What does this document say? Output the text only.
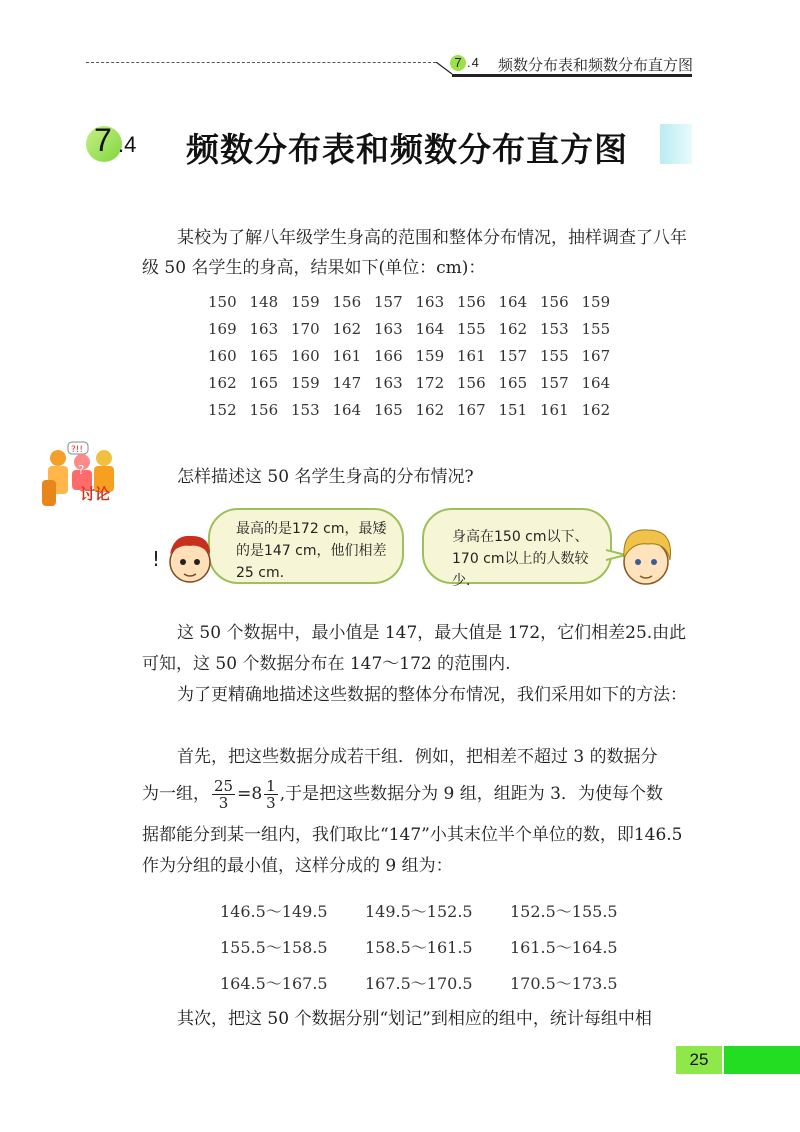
7 .4 频数分布表和频数分布直方图
7 .4 频数分布表和频数分布直方图
某校为了解八年级学生身高的范围和整体分布情况，抽样调查了八年级 50 名学生的身高，结果如下(单位：cm)：
150	148	159	156	157	163	156	164	156	159
169	163	170	162	163	164	155	162	153	155
160	165	160	161	166	159	161	157	155	167
162	165	159	147	163	172	156	165	157	164
152	156	153	164	165	162	167	151	161	162
?!!
?
讨论
怎样描述这 50 名学生身高的分布情况?
最高的是172 cm，最矮的是147 cm，他们相差25 cm.
身高在150 cm以下、170 cm以上的人数较少.
!
这 50 个数据中，最小值是 147，最大值是 172，它们相差25.由此可知，这 50 个数据分布在 147～172 的范围内.
为了更精确地描述这些数据的整体分布情况，我们采用如下的方法：
首先，把这些数据分成若干组．例如，把相差不超过 3 的数据分
为一组， $\frac{25}{3} =8 \frac{1}{3}$ ,于是把这些数据分为 9 组，组距为 3．为使每个数
据都能分到某一组内，我们取比“147”小其末位半个单位的数，即146.5 作为分组的最小值，这样分成的 9 组为：
146.5～149.5	149.5～152.5	152.5～155.5
155.5～158.5	158.5～161.5	161.5～164.5
164.5～167.5	167.5～170.5	170.5～173.5
其次，把这 50 个数据分别“划记”到相应的组中，统计每组中相
25
